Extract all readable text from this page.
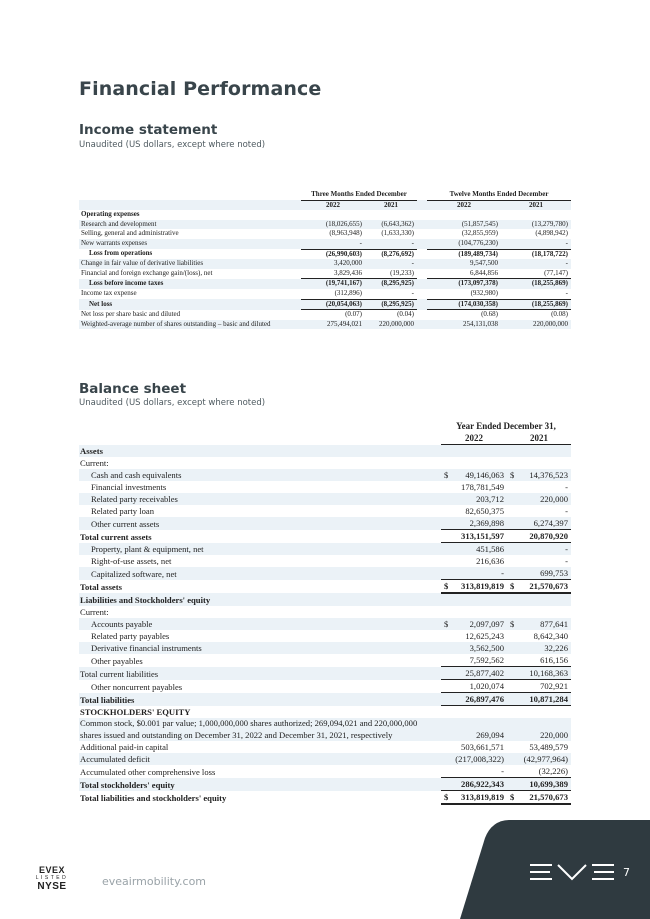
Financial Performance
Income statement
Unaudited (US dollars, except where noted)
	Three Months Ended December			Twelve Months Ended December	
	2022	2021		2022	2021
Operating expenses					
Research and development	(18,026,655)	(6,643,362)		(51,857,545)	(13,279,780)
Selling, general and administrative	(8,963,948)	(1,633,330)		(32,855,959)	(4,898,942)
New warrants expenses	-	-		(104,776,230)	-
Loss from operations	(26,990,603)	(8,276,692)		(189,489,734)	(18,178,722)
Change in fair value of derivative liabilities	3,420,000	-		9,547,500	-
Financial and foreign exchange gain/(loss), net	3,829,436	(19,233)		6,844,856	(77,147)
Loss before income taxes	(19,741,167)	(8,295,925)		(173,097,378)	(18,255,869)
Income tax expense	(312,896)	-		(932,980)	-
Net loss	(20,054,063)	(8,295,925)		(174,030,358)	(18,255,869)
Net loss per share basic and diluted	(0.07)	(0.04)		(0.68)	(0.08)
Weighted-average number of shares outstanding – basic and diluted	275,494,021	220,000,000		254,131,038	220,000,000
Balance sheet
Unaudited (US dollars, except where noted)
	Year Ended December 31,	
	2022	2021
Assets		
Current:		
Cash and cash equivalents	$ 49,146,063	$ 14,376,523
Financial investments	178,781,549	-
Related party receivables	203,712	220,000
Related party loan	82,650,375	-
Other current assets	2,369,898	6,274,397
Total current assets	313,151,597	20,870,920
Property, plant & equipment, net	451,586	-
Right-of-use assets, net	216,636	-
Capitalized software, net	-	699,753
Total assets	$ 313,819,819	$ 21,570,673
Liabilities and Stockholders' equity		
Current:		
Accounts payable	$ 2,097,097	$ 877,641
Related party payables	12,625,243	8,642,340
Derivative financial instruments	3,562,500	32,226
Other payables	7,592,562	616,156
Total current liabilities	25,877,402	10,168,363
Other noncurrent payables	1,020,074	702,921
Total liabilities	26,897,476	10,871,284
STOCKHOLDERS' EQUITY		
Common stock, $0.001 par value; 1,000,000,000 shares authorized; 269,094,021 and 220,000,000 shares issued and outstanding on December 31, 2022 and December 31, 2021, respectively	269,094	220,000
Additional paid-in capital	503,661,571	53,489,579
Accumulated deficit	(217,008,322)	(42,977,964)
Accumulated other comprehensive loss	-	(32,226)
Total stockholders' equity	286,922,343	10,699,389
Total liabilities and stockholders' equity	$ 313,819,819	$ 21,570,673
EVEX
LISTED
NYSE	eveairmobility.com
7
